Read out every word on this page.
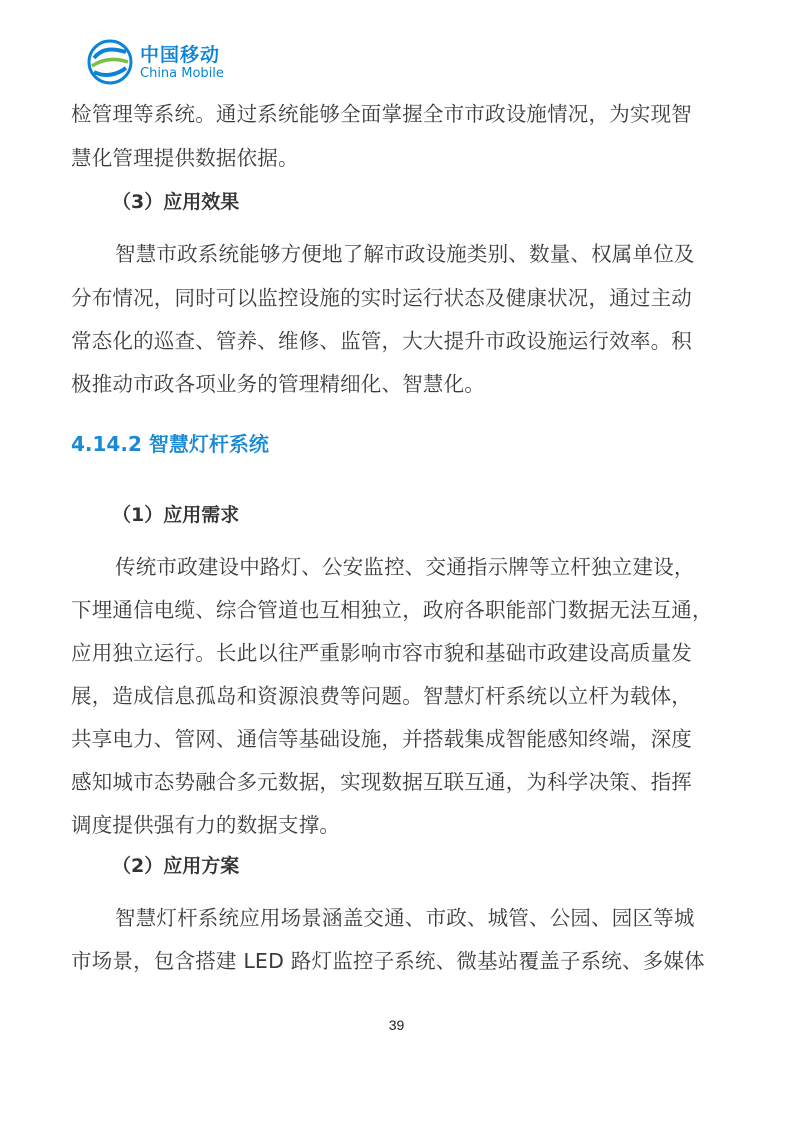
中国移动
China Mobile
检管理等系统。通过系统能够全面掌握全市市政设施情况，为实现智
慧化管理提供数据依据。
（3）应用效果
智慧市政系统能够方便地了解市政设施类别、数量、权属单位及
分布情况，同时可以监控设施的实时运行状态及健康状况，通过主动
常态化的巡查、管养、维修、监管，大大提升市政设施运行效率。积
极推动市政各项业务的管理精细化、智慧化。
4.14.2 智慧灯杆系统
（1）应用需求
传统市政建设中路灯、公安监控、交通指示牌等立杆独立建设，
下埋通信电缆、综合管道也互相独立，政府各职能部门数据无法互通，
应用独立运行。长此以往严重影响市容市貌和基础市政建设高质量发
展，造成信息孤岛和资源浪费等问题。智慧灯杆系统以立杆为载体，
共享电力、管网、通信等基础设施，并搭载集成智能感知终端，深度
感知城市态势融合多元数据，实现数据互联互通，为科学决策、指挥
调度提供强有力的数据支撑。
（2）应用方案
智慧灯杆系统应用场景涵盖交通、市政、城管、公园、园区等城
市场景，包含搭建 LED 路灯监控子系统、微基站覆盖子系统、多媒体
39
